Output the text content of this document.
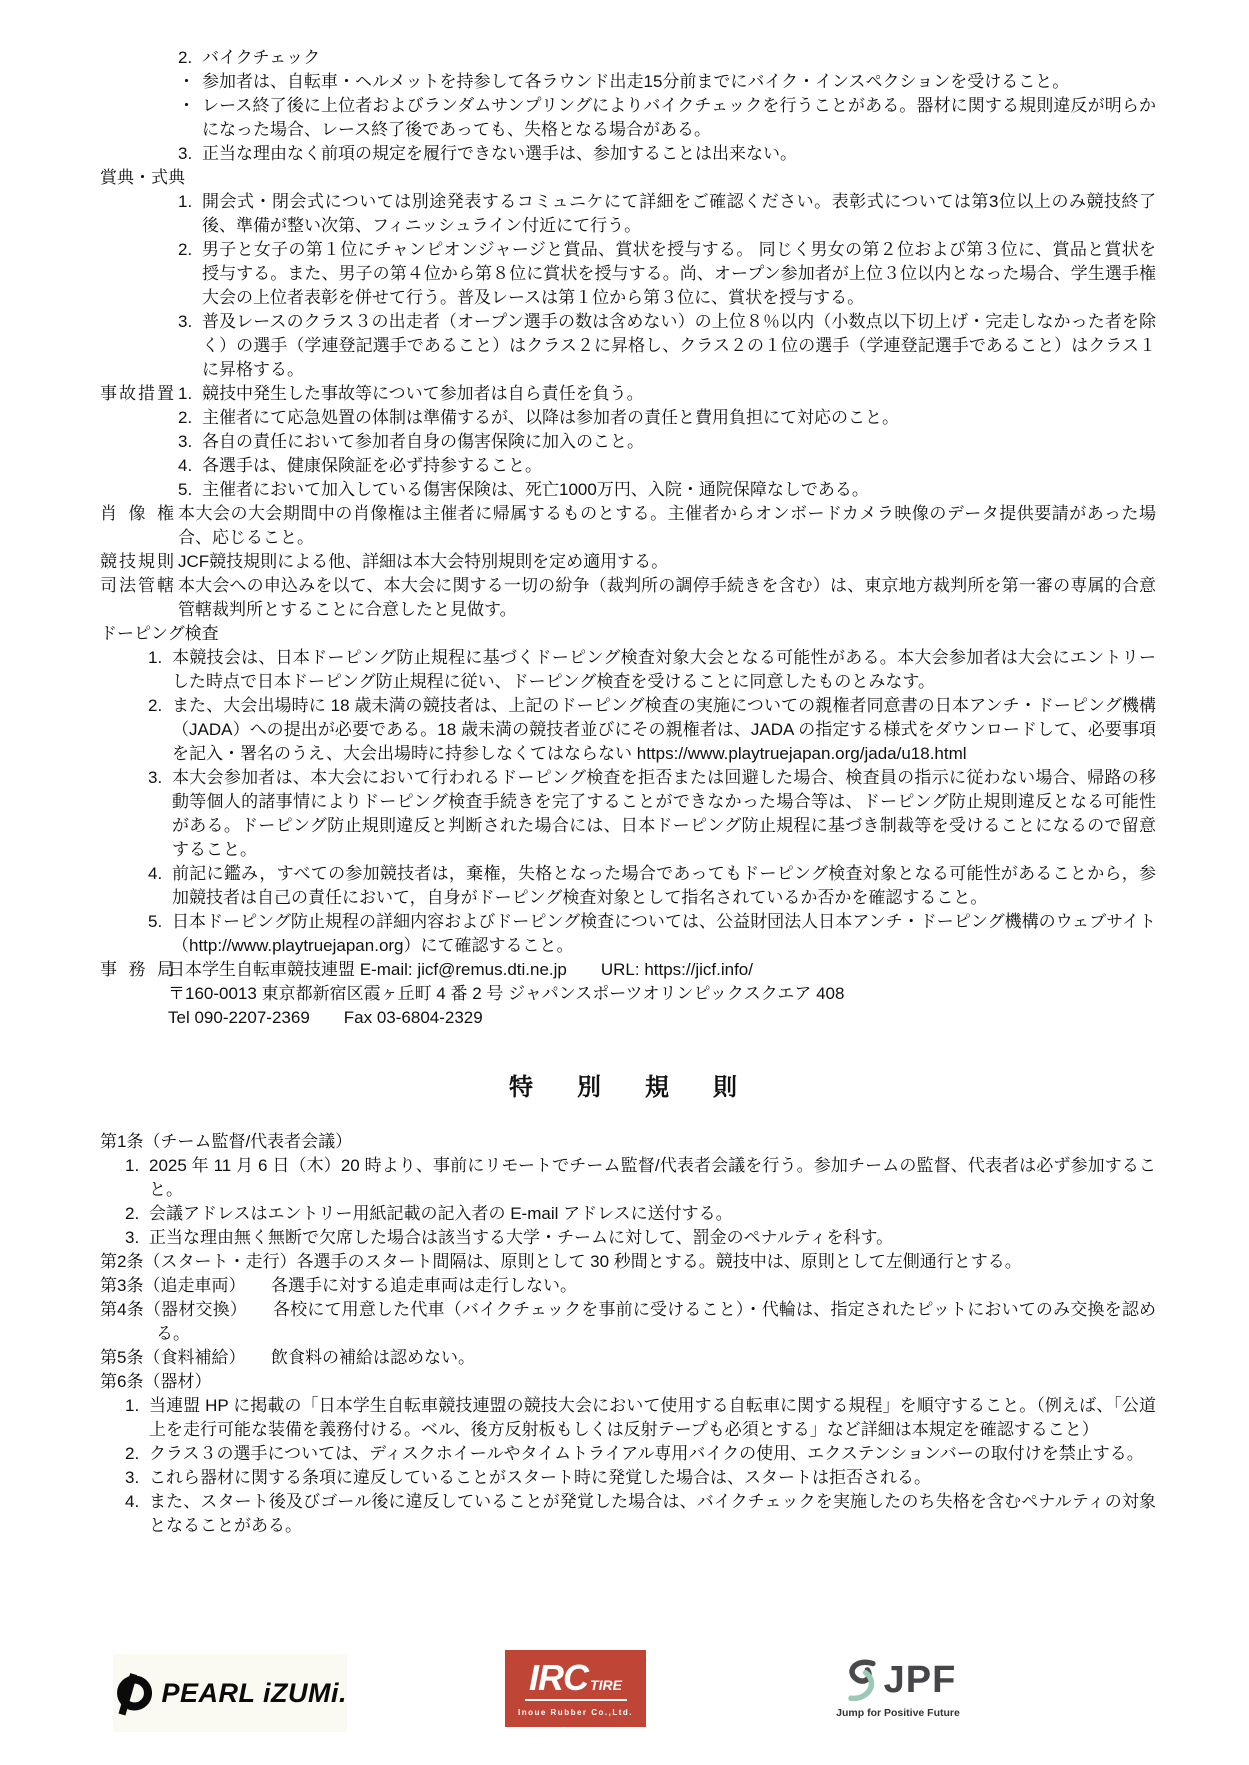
2. バイクチェック
・ 参加者は、自転車・ヘルメットを持参して各ラウンド出走15分前までにバイク・インスペクションを受けること。
・ レース終了後に上位者およびランダムサンプリングによりバイクチェックを行うことがある。器材に関する規則違反が明らかになった場合、レース終了後であっても、失格となる場合がある。
3. 正当な理由なく前項の規定を履行できない選手は、参加することは出来ない。
賞典・式典
1. 開会式・閉会式については別途発表するコミュニケにて詳細をご確認ください。表彰式については第3位以上のみ競技終了後、準備が整い次第、フィニッシュライン付近にて行う。
2. 男子と女子の第１位にチャンピオンジャージと賞品、賞状を授与する。 同じく男女の第２位および第３位に、賞品と賞状を授与する。また、男子の第４位から第８位に賞状を授与する。尚、オープン参加者が上位３位以内となった場合、学生選手権大会の上位者表彰を併せて行う。普及レースは第１位から第３位に、賞状を授与する。
3. 普及レースのクラス３の出走者（オープン選手の数は含めない）の上位８％以内（小数点以下切上げ・完走しなかった者を除く）の選手（学連登記選手であること）はクラス２に昇格し、クラス２の１位の選手（学連登記選手であること）はクラス１に昇格する。
事故措置 1. 競技中発生した事故等について参加者は自ら責任を負う。
2. 主催者にて応急処置の体制は準備するが、以降は参加者の責任と費用負担にて対応のこと。
3. 各自の責任において参加者自身の傷害保険に加入のこと。
4. 各選手は、健康保険証を必ず持参すること。
5. 主催者において加入している傷害保険は、死亡1000万円、入院・通院保障なしである。
肖像権 本大会の大会期間中の肖像権は主催者に帰属するものとする。主催者からオンボードカメラ映像のデータ提供要請があった場合、応じること。
競技規則 JCF競技規則による他、詳細は本大会特別規則を定め適用する。
司法管轄 本大会への申込みを以て、本大会に関する一切の紛争（裁判所の調停手続きを含む）は、東京地方裁判所を第一審の専属的合意管轄裁判所とすることに合意したと見做す。
ドーピング検査
1. 本競技会は、日本ドーピング防止規程に基づくドーピング検査対象大会となる可能性がある。本大会参加者は大会にエントリーした時点で日本ドーピング防止規程に従い、ドーピング検査を受けることに同意したものとみなす。
2. また、大会出場時に 18 歳未満の競技者は、上記のドーピング検査の実施についての親権者同意書の日本アンチ・ドーピング機構（JADA）への提出が必要である。18 歳未満の競技者並びにその親権者は、JADA の指定する様式をダウンロードして、必要事項を記入・署名のうえ、大会出場時に持参しなくてはならない https://www.playtruejapan.org/jada/u18.html
3. 本大会参加者は、本大会において行われるドーピング検査を拒否または回避した場合、検査員の指示に従わない場合、帰路の移動等個人的諸事情によりドーピング検査手続きを完了することができなかった場合等は、ドーピング防止規則違反となる可能性がある。ドーピング防止規則違反と判断された場合には、日本ドーピング防止規程に基づき制裁等を受けることになるので留意すること。
4. 前記に鑑み，すべての参加競技者は，棄権，失格となった場合であってもドーピング検査対象となる可能性があることから，参加競技者は自己の責任において，自身がドーピング検査対象として指名されているか否かを確認すること。
5. 日本ドーピング防止規程の詳細内容およびドーピング検査については、公益財団法人日本アンチ・ドーピング機構のウェブサイト（http://www.playtruejapan.org）にて確認すること。
事務局
日本学生自転車競技連盟 E-mail: jicf@remus.dti.ne.jp　　URL: https://jicf.info/
〒160-0013 東京都新宿区霞ヶ丘町 4 番 2 号 ジャパンスポーツオリンピックスクエア 408
Tel 090-2207-2369　　Fax 03-6804-2329
特　別　規　則
第1条（チーム監督/代表者会議）
1. 2025 年 11 月 6 日（木）20 時より、事前にリモートでチーム監督/代表者会議を行う。参加チームの監督、代表者は必ず参加すること。
2. 会議アドレスはエントリー用紙記載の記入者の E-mail アドレスに送付する。
3. 正当な理由無く無断で欠席した場合は該当する大学・チームに対して、罰金のペナルティを科す。
第2条（スタート・走行）各選手のスタート間隔は、原則として 30 秒間とする。競技中は、原則として左側通行とする。
第3条（追走車両）　　各選手に対する追走車両は走行しない。
第4条（器材交換）　　各校にて用意した代車（バイクチェックを事前に受けること）・代輪は、指定されたピットにおいてのみ交換を認める。
第5条（食料補給）　　飲食料の補給は認めない。
第6条（器材）
1. 当連盟 HP に掲載の「日本学生自転車競技連盟の競技大会において使用する自転車に関する規程」を順守すること。（例えば、「公道上を走行可能な装備を義務付ける。ベル、後方反射板もしくは反射テープも必須とする」など詳細は本規定を確認すること）
2. クラス３の選手については、ディスクホイールやタイムトライアル専用バイクの使用、エクステンションバーの取付けを禁止する。
3. これら器材に関する条項に違反していることがスタート時に発覚した場合は、スタートは拒否される。
4. また、スタート後及びゴール後に違反していることが発覚した場合は、バイクチェックを実施したのち失格を含むペナルティの対象となることがある。
PEARL iZUMi.	IRC TIRE
Inoue Rubber Co.,Ltd.
JPF
Jump for Positive Future
